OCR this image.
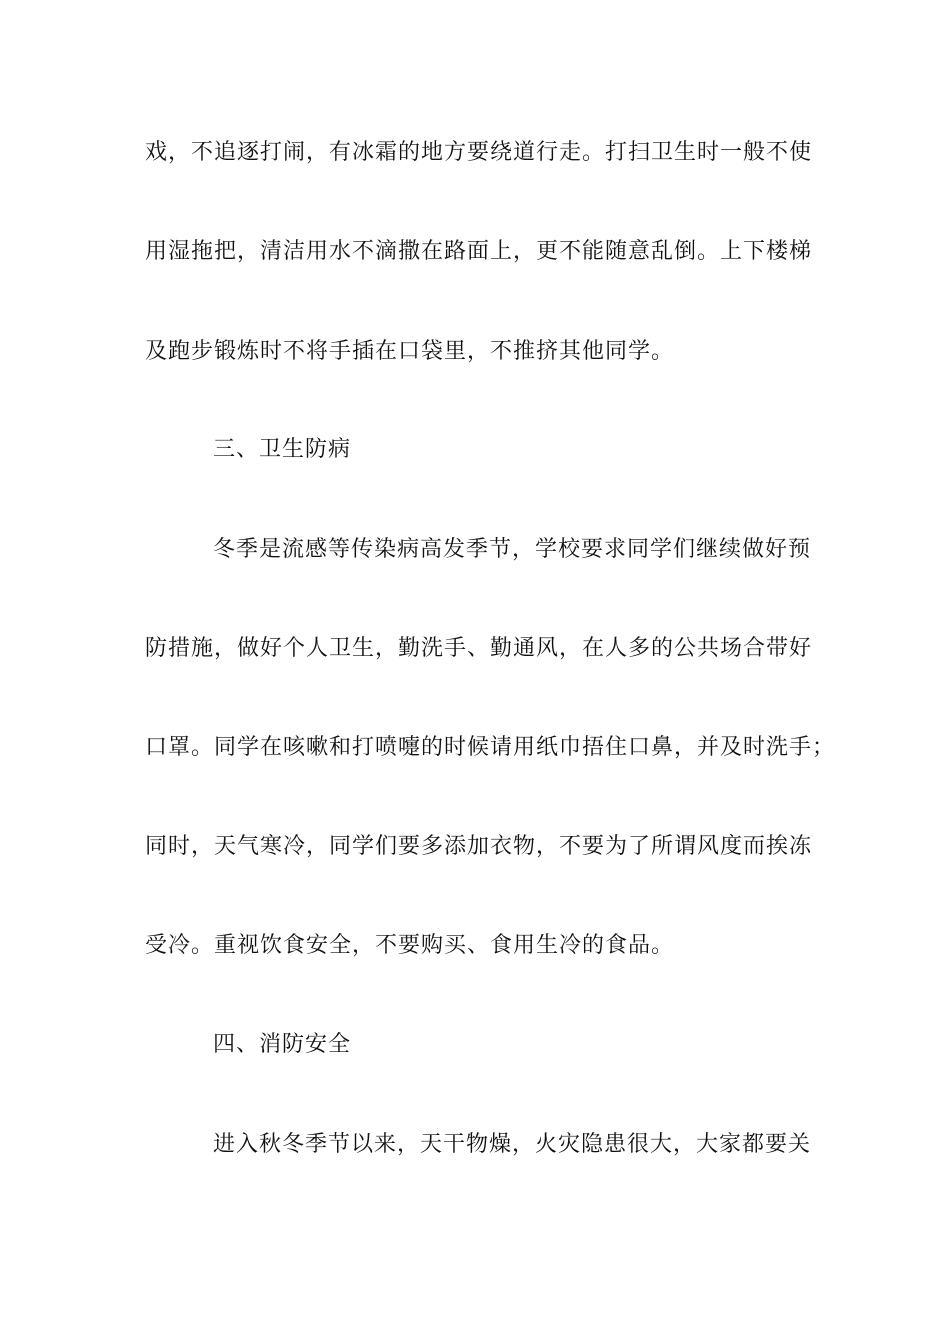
戏，不追逐打闹，有冰霜的地方要绕道行走。打扫卫生时一般不使
用湿拖把，清洁用水不滴撒在路面上，更不能随意乱倒。上下楼梯
及跑步锻炼时不将手插在口袋里，不推挤其他同学。
三、卫生防病
冬季是流感等传染病高发季节，学校要求同学们继续做好预
防措施，做好个人卫生，勤洗手、勤通风，在人多的公共场合带好
口罩。同学在咳嗽和打喷嚏的时候请用纸巾捂住口鼻，并及时洗手；
同时，天气寒冷，同学们要多添加衣物，不要为了所谓风度而挨冻
受冷。重视饮食安全，不要购买、食用生冷的食品。
四、消防安全
进入秋冬季节以来，天干物燥，火灾隐患很大，大家都要关
